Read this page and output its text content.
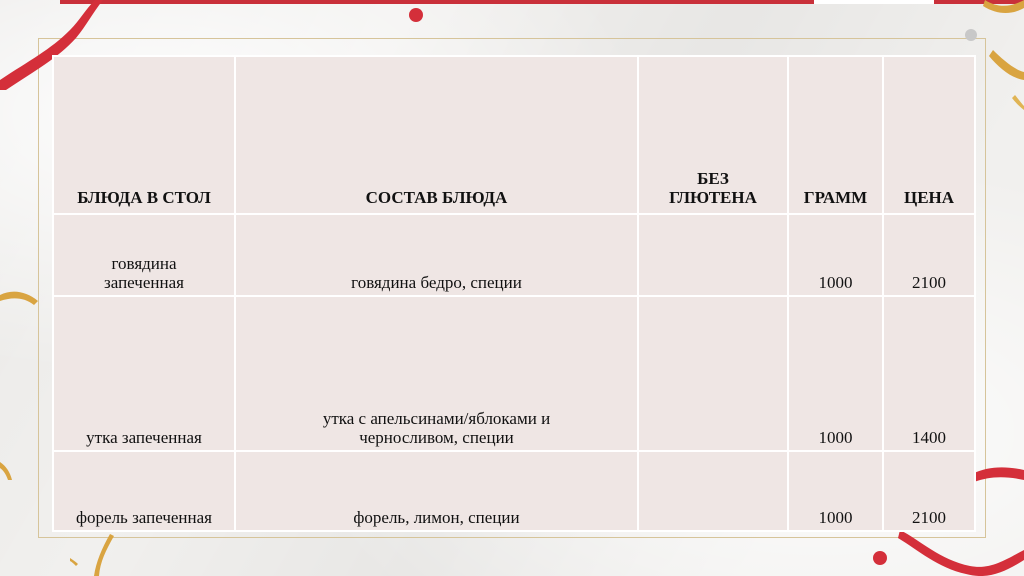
БЛЮДА В СТОЛ	СОСТАВ БЛЮДА	БЕЗ ГЛЮТЕНА	ГРАММ	ЦЕНА
говядина запеченная	говядина бедро, специи		1000	2100
утка запеченная	утка с апельсинами/яблоками и черносливом, специи		1000	1400
форель запеченная	форель, лимон, специи		1000	2100
